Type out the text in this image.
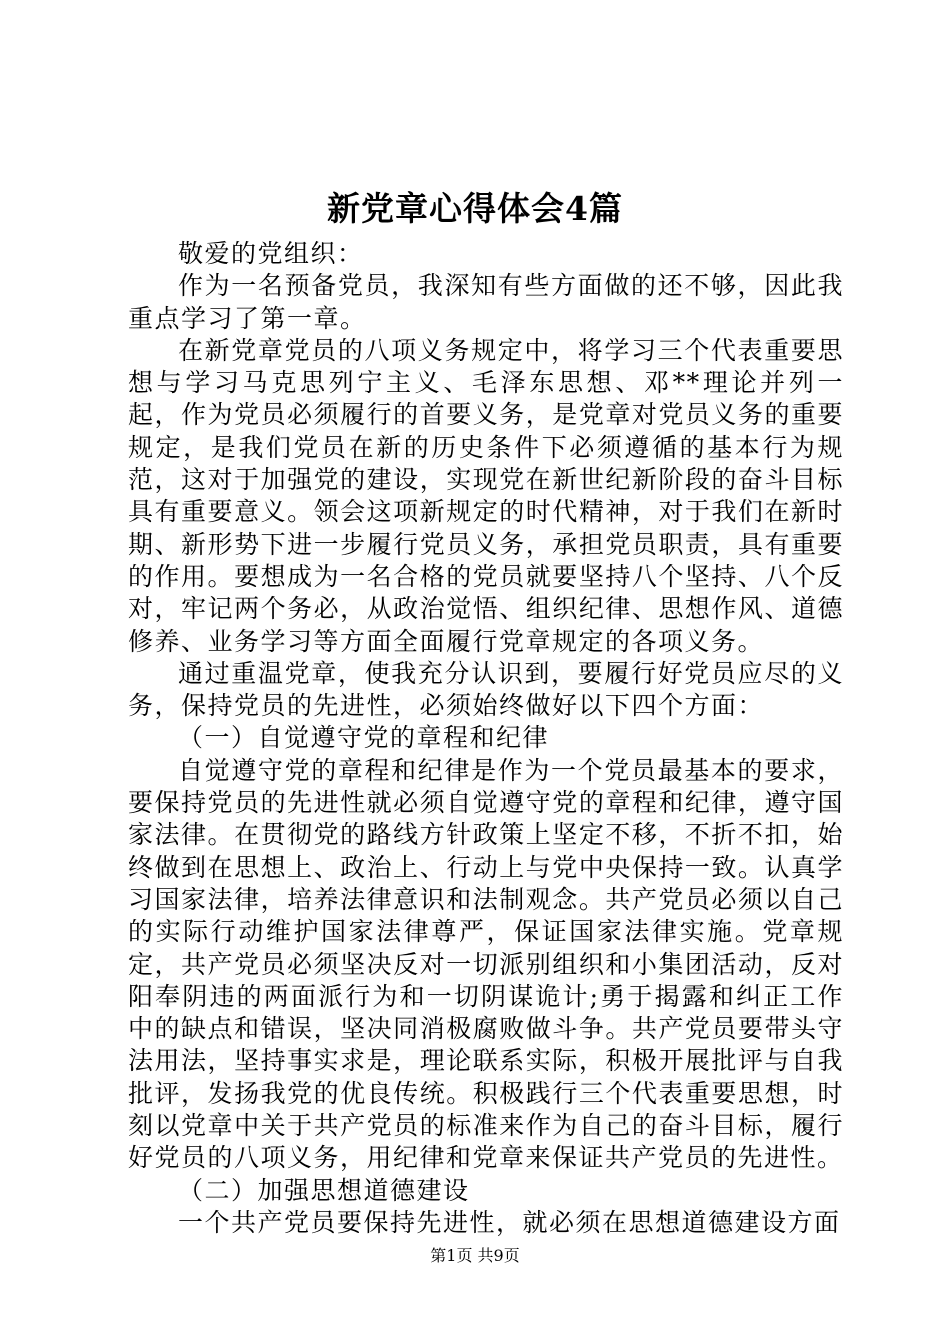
新党章心得体会4篇

敬爱的党组织：

作为一名预备党员，我深知有些方面做的还不够，因此我重点学习了第一章。

在新党章党员的八项义务规定中，将学习三个代表重要思想与学习马克思列宁主义、毛泽东思想、邓**理论并列一起，作为党员必须履行的首要义务，是党章对党员义务的重要规定，是我们党员在新的历史条件下必须遵循的基本行为规范，这对于加强党的建设，实现党在新世纪新阶段的奋斗目标具有重要意义。领会这项新规定的时代精神，对于我们在新时期、新形势下进一步履行党员义务，承担党员职责，具有重要的作用。要想成为一名合格的党员就要坚持八个坚持、八个反对，牢记两个务必，从政治觉悟、组织纪律、思想作风、道德修养、业务学习等方面全面履行党章规定的各项义务。

通过重温党章，使我充分认识到，要履行好党员应尽的义务，保持党员的先进性，必须始终做好以下四个方面：

（一）自觉遵守党的章程和纪律

自觉遵守党的章程和纪律是作为一个党员最基本的要求，要保持党员的先进性就必须自觉遵守党的章程和纪律，遵守国家法律。在贯彻党的路线方针政策上坚定不移，不折不扣，始终做到在思想上、政治上、行动上与党中央保持一致。认真学习国家法律，培养法律意识和法制观念。共产党员必须以自己的实际行动维护国家法律尊严，保证国家法律实施。党章规定，共产党员必须坚决反对一切派别组织和小集团活动，反对阳奉阴违的两面派行为和一切阴谋诡计;勇于揭露和纠正工作中的缺点和错误，坚决同消极腐败做斗争。共产党员要带头守法用法，坚持事实求是，理论联系实际，积极开展批评与自我批评，发扬我党的优良传统。积极践行三个代表重要思想，时刻以党章中关于共产党员的标准来作为自己的奋斗目标，履行好党员的八项义务，用纪律和党章来保证共产党员的先进性。

（二）加强思想道德建设

一个共产党员要保持先进性，就必须在思想道德建设方面

第1页 共9页
